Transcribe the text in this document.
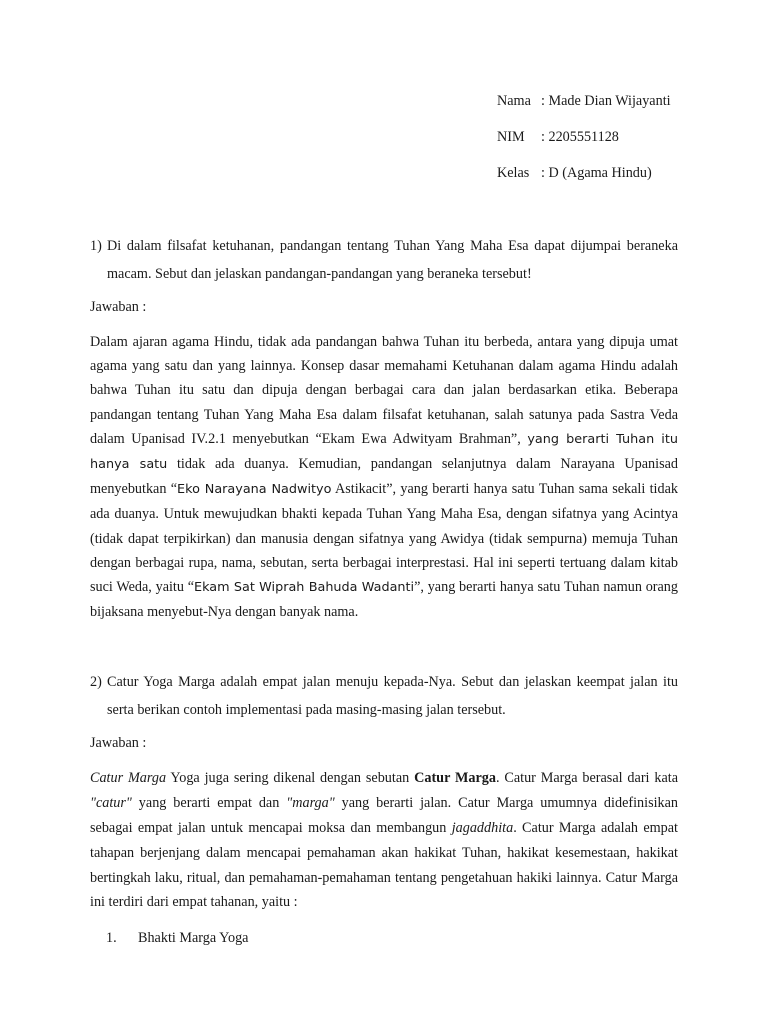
Nama : Made Dian Wijayanti
NIM	: 2205551128
Kelas : D (Agama Hindu)
1) Di dalam filsafat ketuhanan, pandangan tentang Tuhan Yang Maha Esa dapat dijumpai beraneka macam. Sebut dan jelaskan pandangan-pandangan yang beraneka tersebut!

Jawaban :

Dalam ajaran agama Hindu, tidak ada pandangan bahwa Tuhan itu berbeda, antara yang dipuja umat agama yang satu dan yang lainnya. Konsep dasar memahami Ketuhanan dalam agama Hindu adalah bahwa Tuhan itu satu dan dipuja dengan berbagai cara dan jalan berdasarkan etika. Beberapa pandangan tentang Tuhan Yang Maha Esa dalam filsafat ketuhanan, salah satunya pada Sastra Veda dalam Upanisad IV.2.1 menyebutkan “Ekam Ewa Adwityam Brahman”, yang berarti Tuhan itu hanya satu tidak ada duanya. Kemudian, pandangan selanjutnya dalam Narayana Upanisad menyebutkan “Eko Narayana Nadwityo Astikacit”, yang berarti hanya satu Tuhan sama sekali tidak ada duanya. Untuk mewujudkan bhakti kepada Tuhan Yang Maha Esa, dengan sifatnya yang Acintya (tidak dapat terpikirkan) dan manusia dengan sifatnya yang Awidya (tidak sempurna) memuja Tuhan dengan berbagai rupa, nama, sebutan, serta berbagai interprestasi. Hal ini seperti tertuang dalam kitab suci Weda, yaitu “Ekam Sat Wiprah Bahuda Wadanti”, yang berarti hanya satu Tuhan namun orang bijaksana menyebut-Nya dengan banyak nama.

2) Catur Yoga Marga adalah empat jalan menuju kepada-Nya. Sebut dan jelaskan keempat jalan itu serta berikan contoh implementasi pada masing-masing jalan tersebut.

Jawaban :

Catur Marga Yoga juga sering dikenal dengan sebutan Catur Marga. Catur Marga berasal dari kata "catur" yang berarti empat dan "marga" yang berarti jalan. Catur Marga umumnya didefinisikan sebagai empat jalan untuk mencapai moksa dan membangun jagaddhita. Catur Marga adalah empat tahapan berjenjang dalam mencapai pemahaman akan hakikat Tuhan, hakikat kesemestaan, hakikat bertingkah laku, ritual, dan pemahaman-pemahaman tentang pengetahuan hakiki lainnya. Catur Marga ini terdiri dari empat tahanan, yaitu :

1.	Bhakti Marga Yoga
